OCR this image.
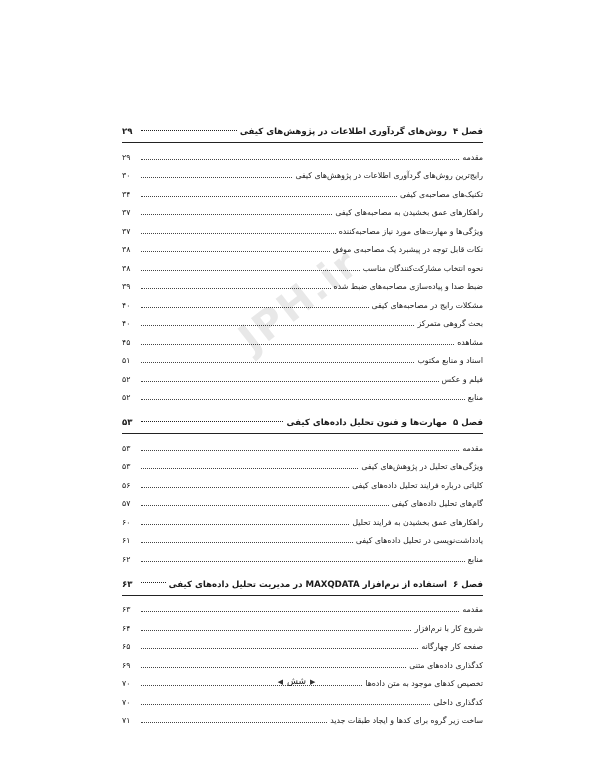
فصل ۴روش‌های گردآوری اطلاعات در پژوهش‌های کیفی
۲۹
مقدمه
۲۹
رایج‌ترین روش‌های گردآوری اطلاعات در پژوهش‌های کیفی
۳۰
تکنیک‌های مصاحبه‌ی کیفی
۳۴
راهکارهای عمق بخشیدن به مصاحبه‌های کیفی
۳۷
ویژگی‌ها و مهارت‌های مورد نیاز مصاحبه‌کننده
۳۷
نکات قابل توجه در پیشبرد یک مصاحبه‌ی موفق
۳۸
نحوه انتخاب مشارکت‌کنندگان مناسب
۳۸
ضبط صدا و پیاده‌سازی مصاحبه‌های ضبط شده
۳۹
مشکلات رایج در مصاحبه‌های کیفی
۴۰
بحث گروهی متمرکز
۴۰
مشاهده
۴۵
اسناد و منابع مکتوب
۵۱
فیلم و عکس
۵۲
منابع
۵۲
فصل ۵مهارت‌ها و فنون تحلیل داده‌های کیفی
۵۳
مقدمه
۵۳
ویژگی‌های تحلیل در پژوهش‌های کیفی
۵۳
کلیاتی درباره فرایند تحلیل داده‌های کیفی
۵۶
گام‌های تحلیل داده‌های کیفی
۵۷
راهکارهای عمق بخشیدن به فرایند تحلیل
۶۰
یادداشت‌نویسی در تحلیل داده‌های کیفی
۶۱
منابع
۶۲
فصل ۶استفاده از نرم‌افزار MAXQDATA در مدیریت تحلیل داده‌های کیفی
۶۳
مقدمه
۶۳
شروع کار با نرم‌افزار
۶۴
صفحه کار چهارگانه
۶۵
کدگذاری داده‌های متنی
۶۹
تخصیص کدهای موجود به متن داده‌ها
۷۰
کدگذاری داخلی
۷۰
ساخت زیر گروه برای کدها و ایجاد طبقات جدید
۷۱
JPH.ir
▶شش◀
